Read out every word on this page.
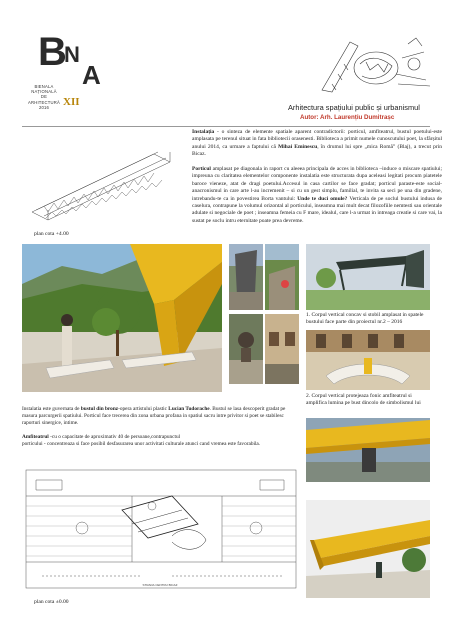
B
N
A
BIENALA
NAȚIONALĂ
DE
ARHITECTURĂ
2016	XII	Arhitectura spațiului public și urbanismul
Autor: Arh. Laurențiu Dumitrașc
plan cota +4.00
Instalația - o sinteza de elemente spatiale aparent contradictorii: porticul, amfiteatrul, bustul poetului-este amplasata pe terenul situat in fata bibliotecii orasenesti. Biblioteca a primit numele cunoscutului poet, la sfârșitul anului 2014, ca urmare a faptului că Mihai Eminescu, în drumul lui spre „mica Romă” (Blaj), a trecut prin Bicaz.
Porticul amplasat pe diagonala in raport cu aleeea principala de acces in biblioteca –induce o miscare spatiului; impreuna cu claritatea elementelor componente instalatia este structurata dupa aceleasi legitati procum piatetele baroce vieneze, atat de dragi poetului.Accesul in casa cartilor se face gradat; porticul paraste-este social- anacronismul in care arte l-au incremenit – si cu un gest simplu, familial, te invita sa seci pe una din gradene, intrebandu-te ca in povestirea Borta vantului: Unde te duci omule? Verticala de pe soclul bustului indusa de caselura, contrapune la volumul orizontal al porticului, inseamna mai mult decat filozofiile nemtesti sau orientale adulate si negociale de poet ; inseamna femeia cu F mare, idealul, care l-a urmat in intreaga creatie si care vai, la sustat pe soclu intru eternitate poate prea devreme.
1. Corpul vertical concav si stobil amplasat in spatele bustului face parte din proiectul nr.2 – 2016
2. Corpul vertical protejeaza fonic amfiteatrul si amplifica lumina pe bust dincolo de simbolismul lui
Instalatia este guvernata de bustul din bronz-opera artistului plastic Lucian Tudorache. Bustul se lasa descoperit gradat pe masura parcurgerii spatiului. Porticul face trecerea din zona urbana profana in spatiul sacru intre privitor si poet se stabilesc raporturi sinergice, intime.
Amfiteatrul -cu o capacitate de aproximativ 40 de persoane,contrapunctul
porticului - concentreaza si face posibil desfasurarea unor activitati culturale atunci cand vremea este favorabila.
STRADA CENTRU BICAZ
plan cota ±0.00
